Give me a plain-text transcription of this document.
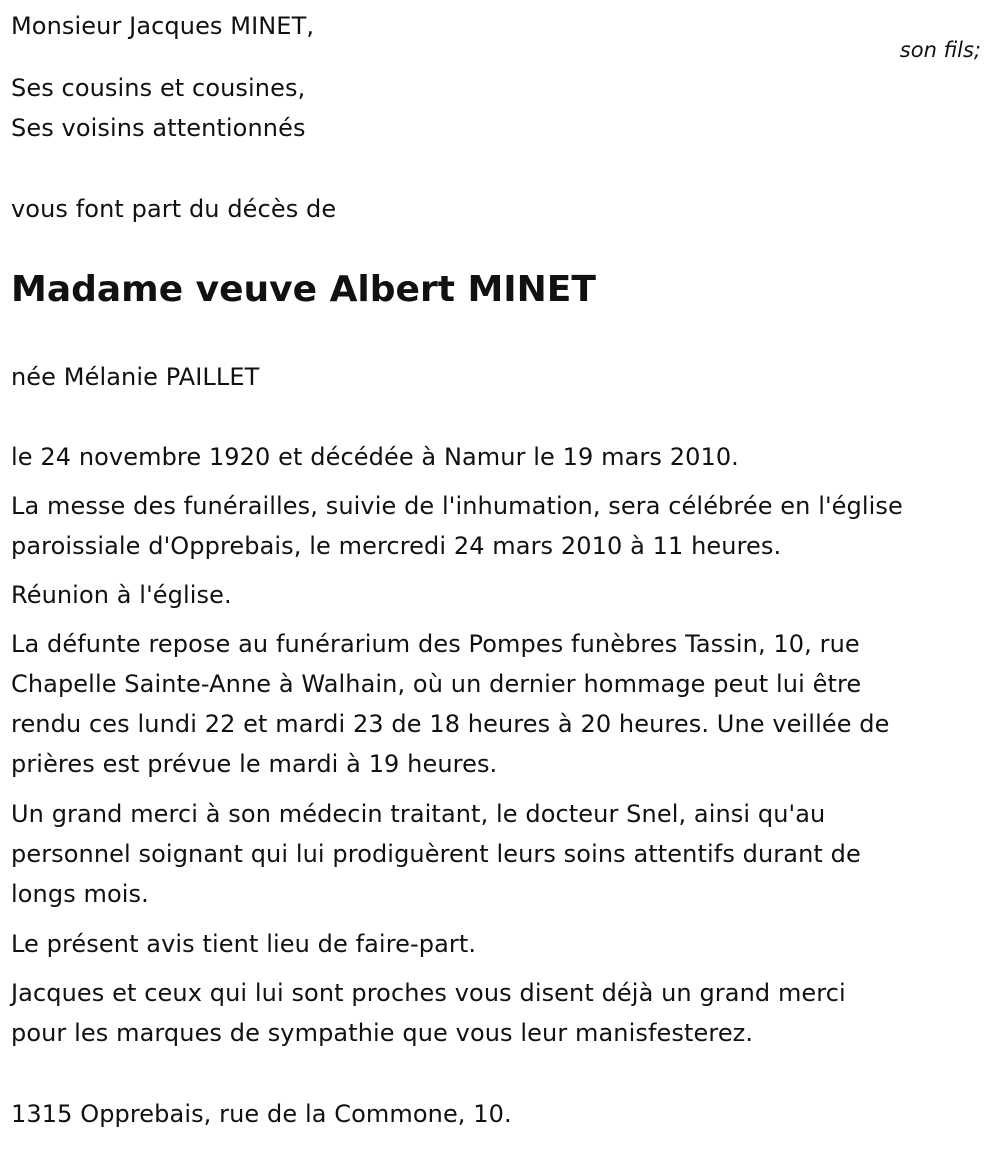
Monsieur Jacques MINET,
son fils;
Ses cousins et cousines,
Ses voisins attentionnés
vous font part du décès de
Madame veuve Albert MINET
née Mélanie PAILLET
le 24 novembre 1920 et décédée à Namur le 19 mars 2010.
La messe des funérailles, suivie de l'inhumation, sera célébrée en l'église
paroissiale d'Opprebais, le mercredi 24 mars 2010 à 11 heures.
Réunion à l'église.
La défunte repose au funérarium des Pompes funèbres Tassin, 10, rue
Chapelle Sainte-Anne à Walhain, où un dernier hommage peut lui être
rendu ces lundi 22 et mardi 23 de 18 heures à 20 heures. Une veillée de
prières est prévue le mardi à 19 heures.
Un grand merci à son médecin traitant, le docteur Snel, ainsi qu'au
personnel soignant qui lui prodiguèrent leurs soins attentifs durant de
longs mois.
Le présent avis tient lieu de faire-part.
Jacques et ceux qui lui sont proches vous disent déjà un grand merci
pour les marques de sympathie que vous leur manisfesterez.
1315 Opprebais, rue de la Commone, 10.
